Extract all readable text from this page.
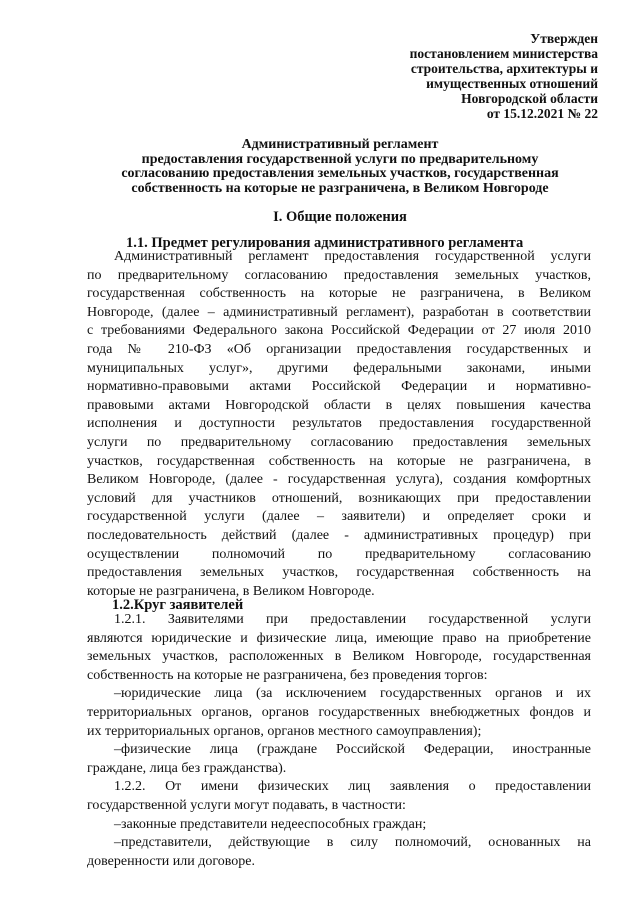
Утвержден
постановлением министерства
строительства, архитектуры и
имущественных отношений
Новгородской области
от 15.12.2021 № 22
Административный регламент
предоставления государственной услуги по предварительному
согласованию предоставления земельных участков, государственная
собственность на которые не разграничена, в Великом Новгороде
I. Общие положения
1.1. Предмет регулирования административного регламента
Административный регламент предоставления государственной услуги
по предварительному согласованию предоставления земельных участков,
государственная собственность на которые не разграничена, в Великом
Новгороде, (далее – административный регламент), разработан в соответствии
с требованиями Федерального закона Российской Федерации от 27 июля 2010
года № 210-ФЗ «Об организации предоставления государственных и
муниципальных услуг», другими федеральными законами, иными
нормативно-правовыми актами Российской Федерации и нормативно-
правовыми актами Новгородской области в целях повышения качества
исполнения и доступности результатов предоставления государственной
услуги по предварительному согласованию предоставления земельных
участков, государственная собственность на которые не разграничена, в
Великом Новгороде, (далее - государственная услуга), создания комфортных
условий для участников отношений, возникающих при предоставлении
государственной услуги (далее – заявители) и определяет сроки и
последовательность действий (далее - административных процедур) при
осуществлении полномочий по предварительному согласованию
предоставления земельных участков, государственная собственность на
которые не разграничена, в Великом Новгороде.
1.2.Круг заявителей
1.2.1. Заявителями при предоставлении государственной услуги
являются юридические и физические лица, имеющие право на приобретение
земельных участков, расположенных в Великом Новгороде, государственная
собственность на которые не разграничена, без проведения торгов:
–юридические лица (за исключением государственных органов и их
территориальных органов, органов государственных внебюджетных фондов и
их территориальных органов, органов местного самоуправления);
–физические лица (граждане Российской Федерации, иностранные
граждане, лица без гражданства).
1.2.2. От имени физических лиц заявления о предоставлении
государственной услуги могут подавать, в частности:
–законные представители недееспособных граждан;
–представители, действующие в силу полномочий, основанных на
доверенности или договоре.
